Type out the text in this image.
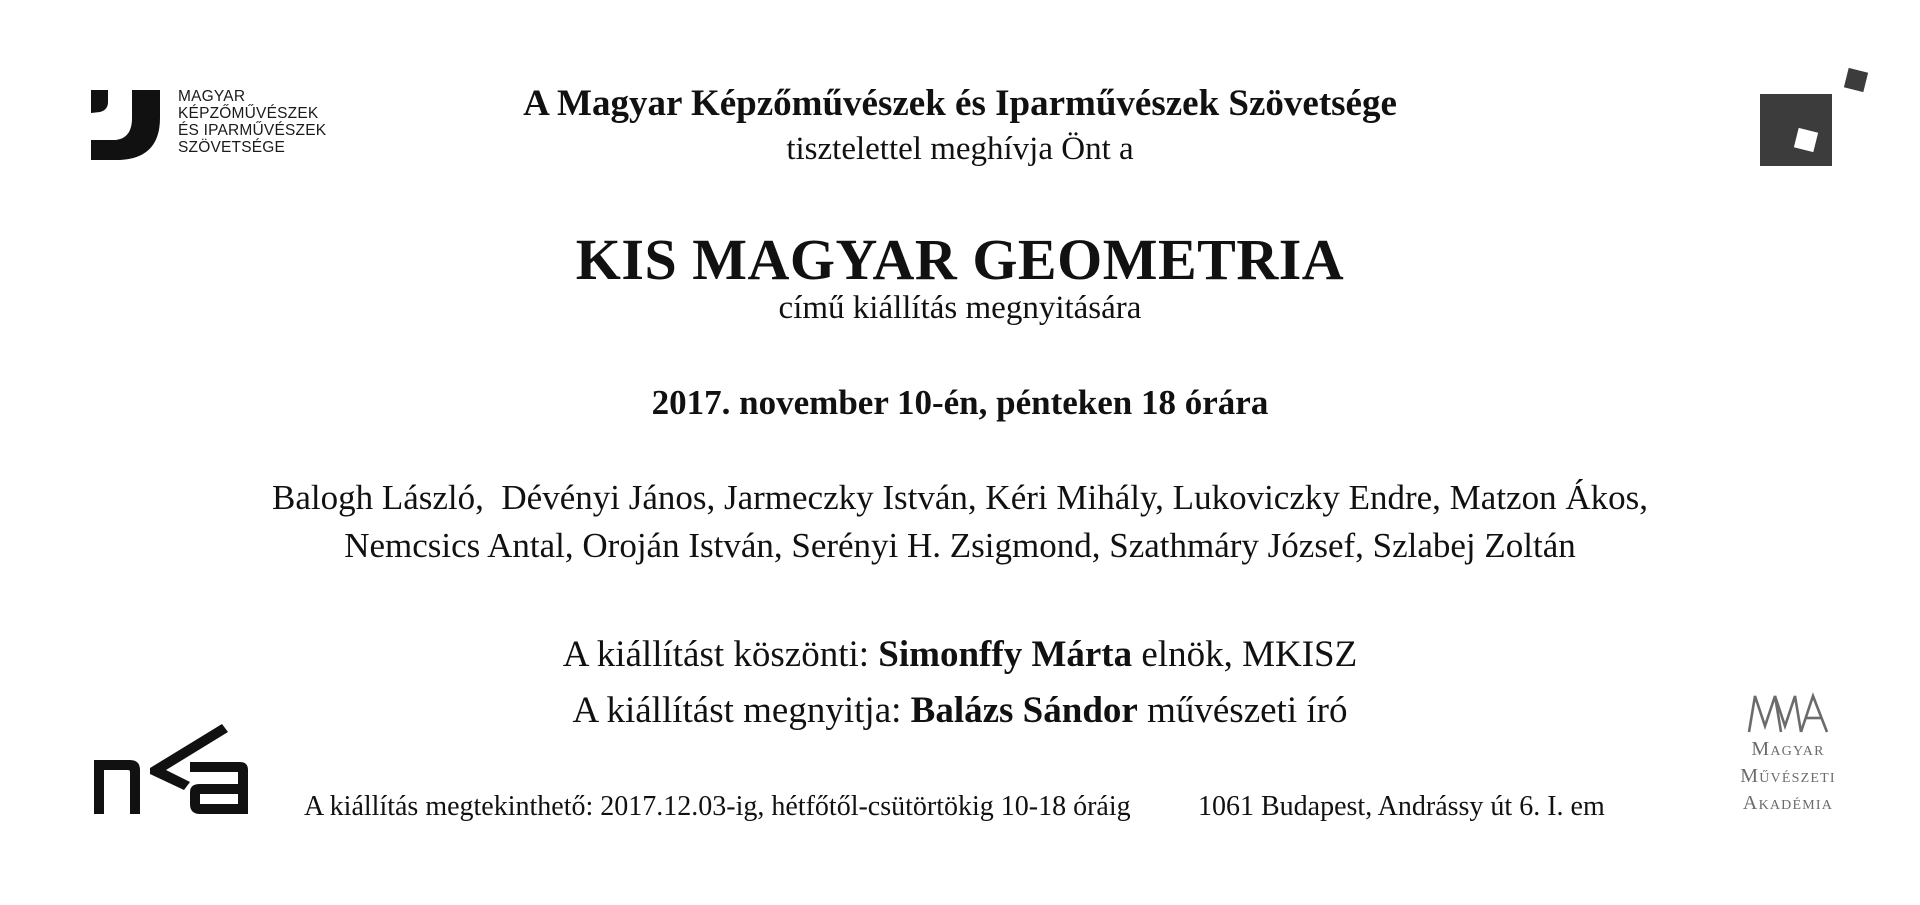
MAGYAR
KÉPZŐMŰVÉSZEK
ÉS IPARMŰVÉSZEK
SZÖVETSÉGE
A Magyar Képzőművészek és Iparművészek Szövetsége
tisztelettel meghívja Önt a
KIS MAGYAR GEOMETRIA
című kiállítás megnyitására
2017. november 10-én, pénteken 18 órára
Balogh László,  Dévényi János, Jarmeczky István, Kéri Mihály, Lukoviczky Endre, Matzon Ákos,
Nemcsics Antal, Oroján István, Serényi H. Zsigmond, Szathmáry József, Szlabej Zoltán
A kiállítást köszönti: Simonffy Márta elnök, MKISZ
A kiállítást megnyitja: Balázs Sándor művészeti író
A kiállítás megtekinthető: 2017.12.03-ig, hétfőtől-csütörtökig 10-18 óráig 1061 Budapest, Andrássy út 6. I. em
Magyar
Művészeti
Akadémia
